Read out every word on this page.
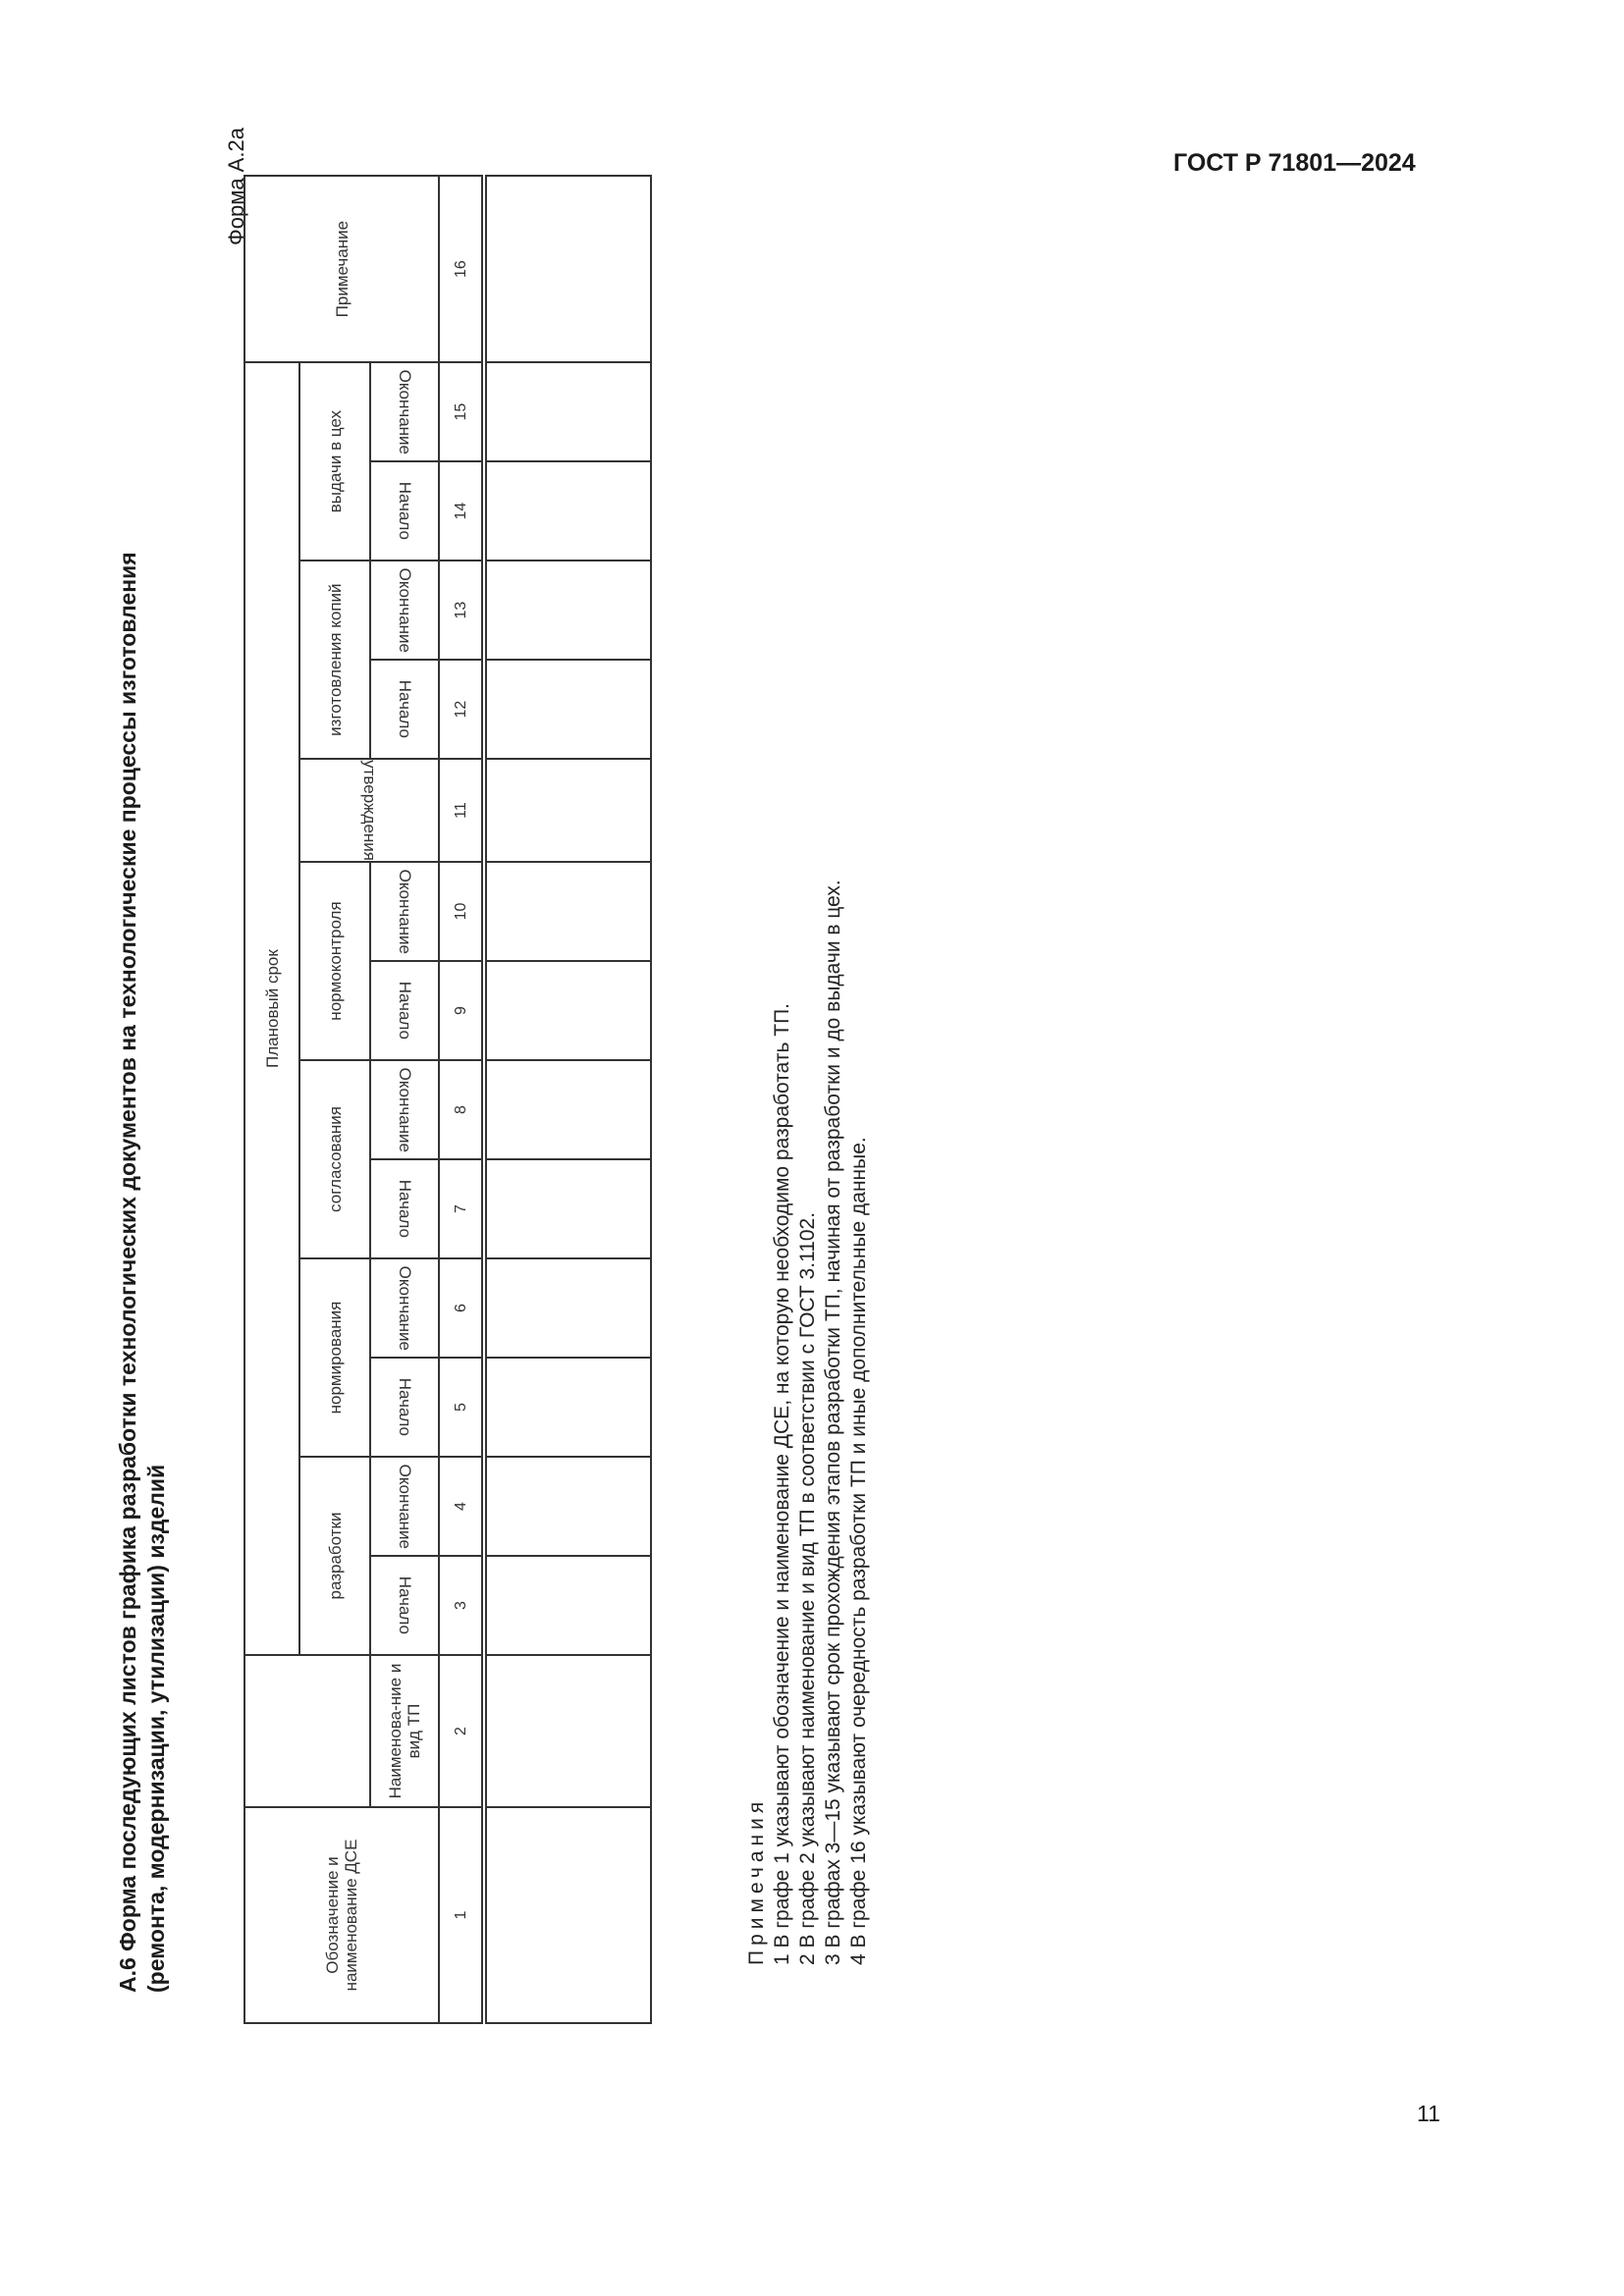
ГОСТ Р 71801—2024
11
А.6 Форма последующих листов графика разработки технологических документов на технологические процессы изготовления (ремонта, модернизации, утилизации) изделий
Форма А.2а
Обозначение и наименование ДСЕ		Плановый срок													Примечание
		разработки		нормирования		согласования		нормоконтроля		утверждения	изготовления копий		выдачи в цех		
	Наименова-ние и вид ТП	Начало	Окончание	Начало	Окончание	Начало	Окончание	Начало	Окончание		Начало	Окончание	Начало	Окончание	
1	2	3	4	5	6	7	8	9	10	11	12	13	14	15	16

Примечания 1 В графе 1 указывают обозначение и наименование ДСЕ, на которую необходимо разработать ТП. 2 В графе 2 указывают наименование и вид ТП в соответствии с ГОСТ 3.1102. 3 В графах 3—15 указывают срок прохождения этапов разработки ТП, начиная от разработки и до выдачи в цех. 4 В графе 16 указывают очередность разработки ТП и иные дополнительные данные.
